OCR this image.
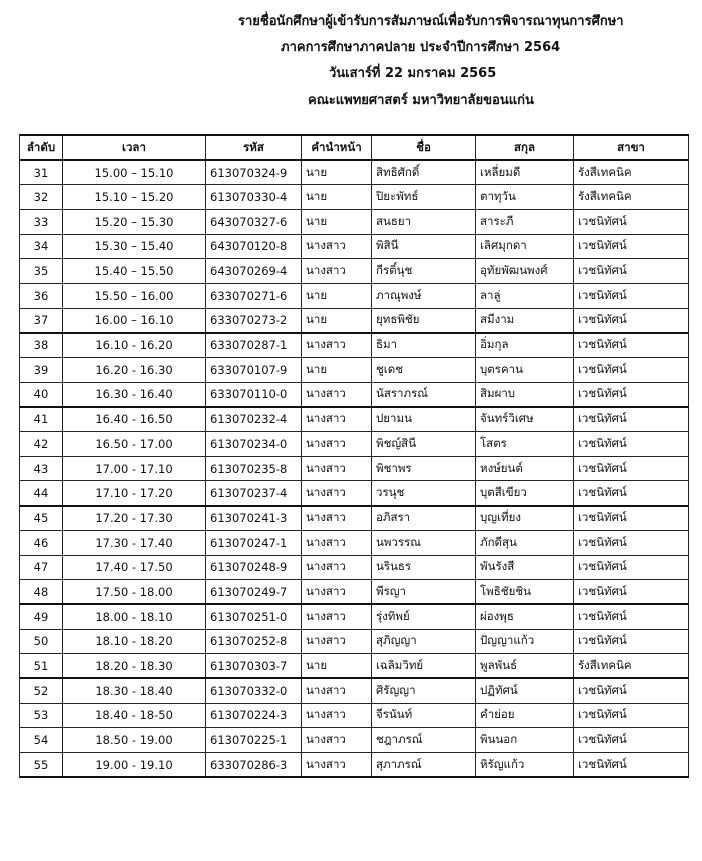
รายชื่อนักศึกษาผู้เข้ารับการสัมภาษณ์เพื่อรับการพิจารณาทุนการศึกษา
ภาคการศึกษาภาคปลาย ประจำปีการศึกษา 2564
วันเสาร์ที่ 22 มกราคม 2565
คณะแพทยศาสตร์ มหาวิทยาลัยขอนแก่น
ลำดับ	เวลา	รหัส	คำนำหน้า	ชื่อ	สกุล	สาขา
31	15.00 – 15.10	613070324-9	นาย	สิทธิศักดิ์	เหลี่ยมดี	รังสีเทคนิค
32	15.10 – 15.20	613070330-4	นาย	ปิยะพัทธ์	ตาทุวัน	รังสีเทคนิค
33	15.20 – 15.30	643070327-6	นาย	สนธยา	สาระภี	เวชนิทัศน์
34	15.30 – 15.40	643070120-8	นางสาว	พิสินี	เลิศมุกดา	เวชนิทัศน์
35	15.40 – 15.50	643070269-4	นางสาว	กีรติ์นุช	อุทัยพัฒนพงศ์	เวชนิทัศน์
36	15.50 – 16.00	633070271-6	นาย	ภาณุพงษ์	ลาลู่	เวชนิทัศน์
37	16.00 – 16.10	633070273-2	นาย	ยุทธพิชัย	สมีงาม	เวชนิทัศน์
38	16.10 - 16.20	633070287-1	นางสาว	ธิมา	อิ่มกุล	เวชนิทัศน์
39	16.20 - 16.30	633070107-9	นาย	ชูเดช	บุตรคาน	เวชนิทัศน์
40	16.30 - 16.40	633070110-0	นางสาว	นัสราภรณ์	สิมผาบ	เวชนิทัศน์
41	16.40 - 16.50	613070232-4	นางสาว	ปยามน	จันทร์วิเศษ	เวชนิทัศน์
42	16.50 - 17.00	613070234-0	นางสาว	พิชญ์สินี	โสตร	เวชนิทัศน์
43	17.00 - 17.10	613070235-8	นางสาว	พิชาพร	หงษ์ยนต์	เวชนิทัศน์
44	17.10 - 17.20	613070237-4	นางสาว	วรนุช	บุตสีเขียว	เวชนิทัศน์
45	17.20 - 17.30	613070241-3	นางสาว	อภิสรา	บุญเที่ยง	เวชนิทัศน์
46	17.30 - 17.40	613070247-1	นางสาว	นพวรรณ	ภักดีสุน	เวชนิทัศน์
47	17.40 - 17.50	613070248-9	นางสาว	นรินธร	พันรังสี	เวชนิทัศน์
48	17.50 - 18.00	613070249-7	นางสาว	พีรญา	โพธิชัยชิน	เวชนิทัศน์
49	18.00 - 18.10	613070251-0	นางสาว	รุ่งทิพย์	ผ่องพุธ	เวชนิทัศน์
50	18.10 - 18.20	613070252-8	นางสาว	สุภิญญา	ปัญญาแก้ว	เวชนิทัศน์
51	18.20 - 18.30	613070303-7	นาย	เฉลิมวิทย์	พูลพันธ์	รังสีเทคนิค
52	18.30 - 18.40	613070332-0	นางสาว	ศิรัญญา	ปฏิทัศน์	เวชนิทัศน์
53	18.40 - 18-50	613070224-3	นางสาว	จีรนันท์	คำย่อย	เวชนิทัศน์
54	18.50 - 19.00	613070225-1	นางสาว	ชฎาภรณ์	พินนอก	เวชนิทัศน์
55	19.00 - 19.10	633070286-3	นางสาว	สุภาภรณ์	หิรัญแก้ว	เวชนิทัศน์
